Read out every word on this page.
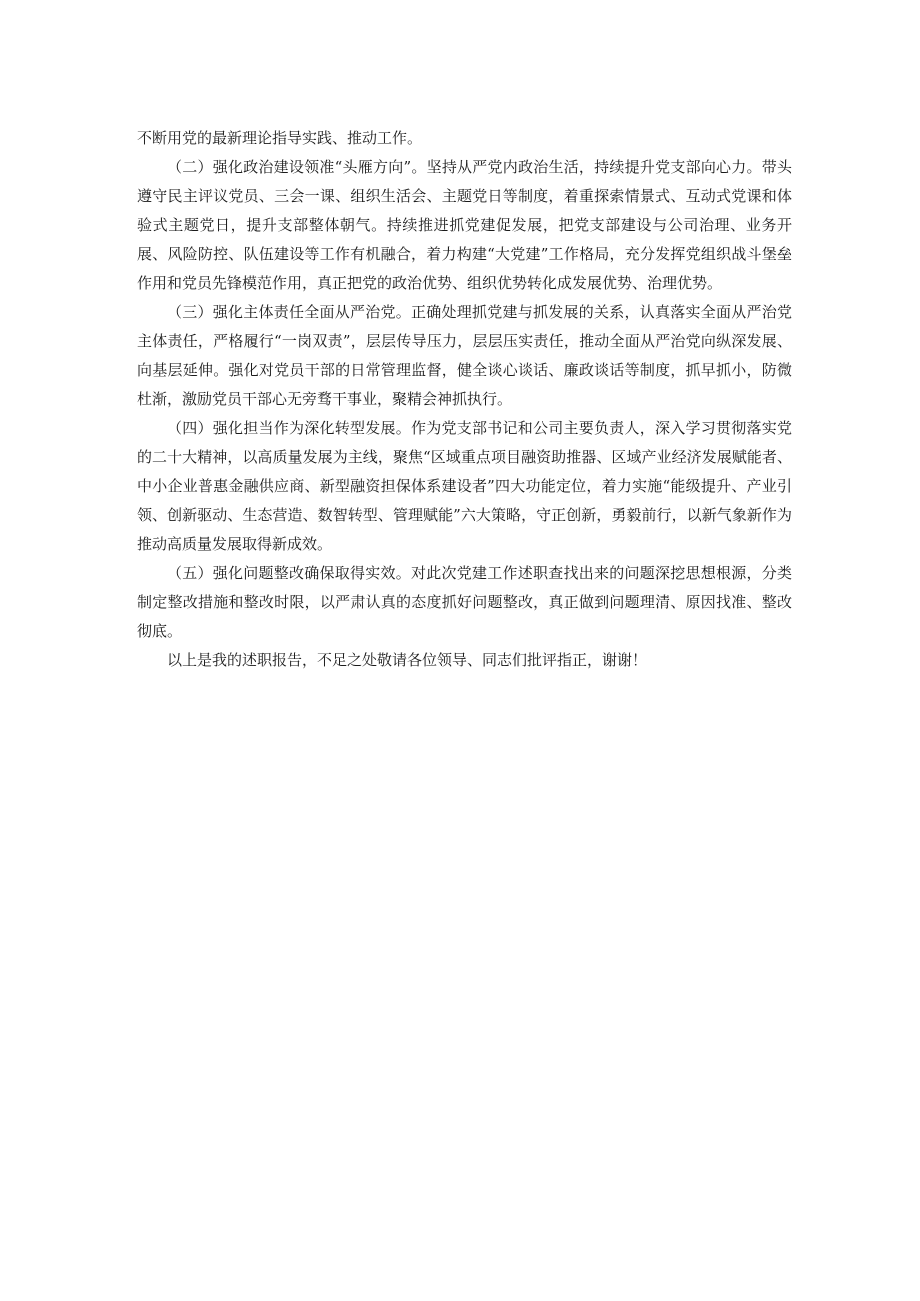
不断用党的最新理论指导实践、推动工作。

（二）强化政治建设领准“头雁方向”。坚持从严党内政治生活，持续提升党支部向心力。带头遵守民主评议党员、三会一课、组织生活会、主题党日等制度，着重探索情景式、互动式党课和体验式主题党日，提升支部整体朝气。持续推进抓党建促发展，把党支部建设与公司治理、业务开展、风险防控、队伍建设等工作有机融合，着力构建“大党建”工作格局，充分发挥党组织战斗堡垒作用和党员先锋模范作用，真正把党的政治优势、组织优势转化成发展优势、治理优势。

（三）强化主体责任全面从严治党。正确处理抓党建与抓发展的关系，认真落实全面从严治党主体责任，严格履行“一岗双责”，层层传导压力，层层压实责任，推动全面从严治党向纵深发展、向基层延伸。强化对党员干部的日常管理监督，健全谈心谈话、廉政谈话等制度，抓早抓小，防微杜渐，激励党员干部心无旁骛干事业，聚精会神抓执行。

（四）强化担当作为深化转型发展。作为党支部书记和公司主要负责人，深入学习贯彻落实党的二十大精神，以高质量发展为主线，聚焦“区域重点项目融资助推器、区域产业经济发展赋能者、中小企业普惠金融供应商、新型融资担保体系建设者”四大功能定位，着力实施“能级提升、产业引领、创新驱动、生态营造、数智转型、管理赋能”六大策略，守正创新，勇毅前行，以新气象新作为推动高质量发展取得新成效。

（五）强化问题整改确保取得实效。对此次党建工作述职查找出来的问题深挖思想根源，分类制定整改措施和整改时限，以严肃认真的态度抓好问题整改，真正做到问题理清、原因找准、整改彻底。

以上是我的述职报告，不足之处敬请各位领导、同志们批评指正，谢谢！
